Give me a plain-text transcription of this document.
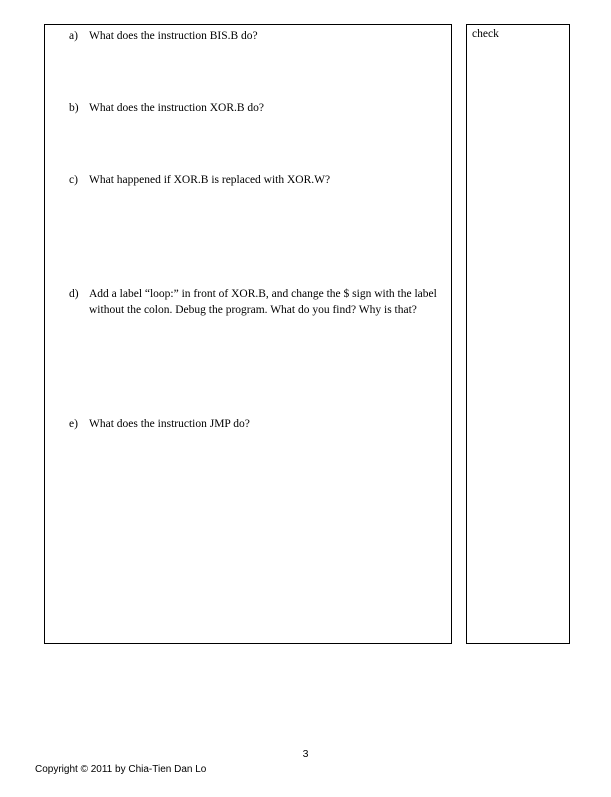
a) What does the instruction BIS.B do?
b) What does the instruction XOR.B do?
c) What happened if XOR.B is replaced with XOR.W?
d) Add a label “loop:” in front of XOR.B, and change the $ sign with the label without the colon. Debug the program. What do you find? Why is that?
e) What does the instruction JMP do?
check
3
Copyright © 2011 by Chia-Tien Dan Lo
